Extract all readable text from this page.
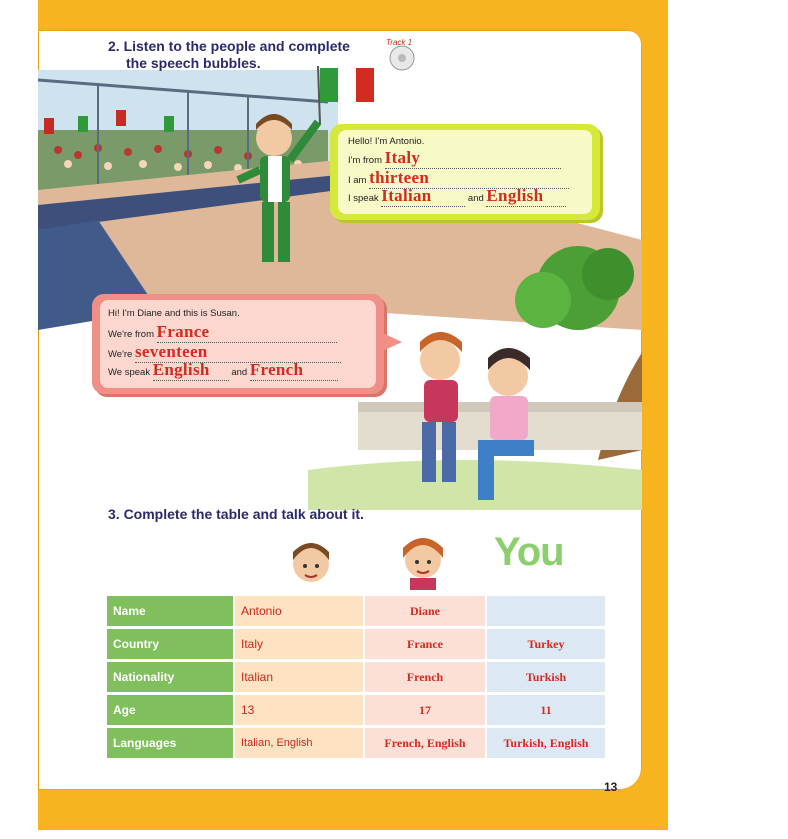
2. Listen to the people and complete
the speech bubbles.
Track 1
Hello! I'm Antonio.
I'm from Italy
I am thirteen
I speak Italian	and English
Hi! I'm Diane and this is Susan.
We're from France
We're seventeen
We speak English and French
3. Complete the table and talk about it.
You
Name	Antonio	Diane	
Country	Italy	France	Turkey
Nationality	Italian	French	Turkish
Age	13	17	11
Languages	Italian, English	French, English	Turkish, English
13
